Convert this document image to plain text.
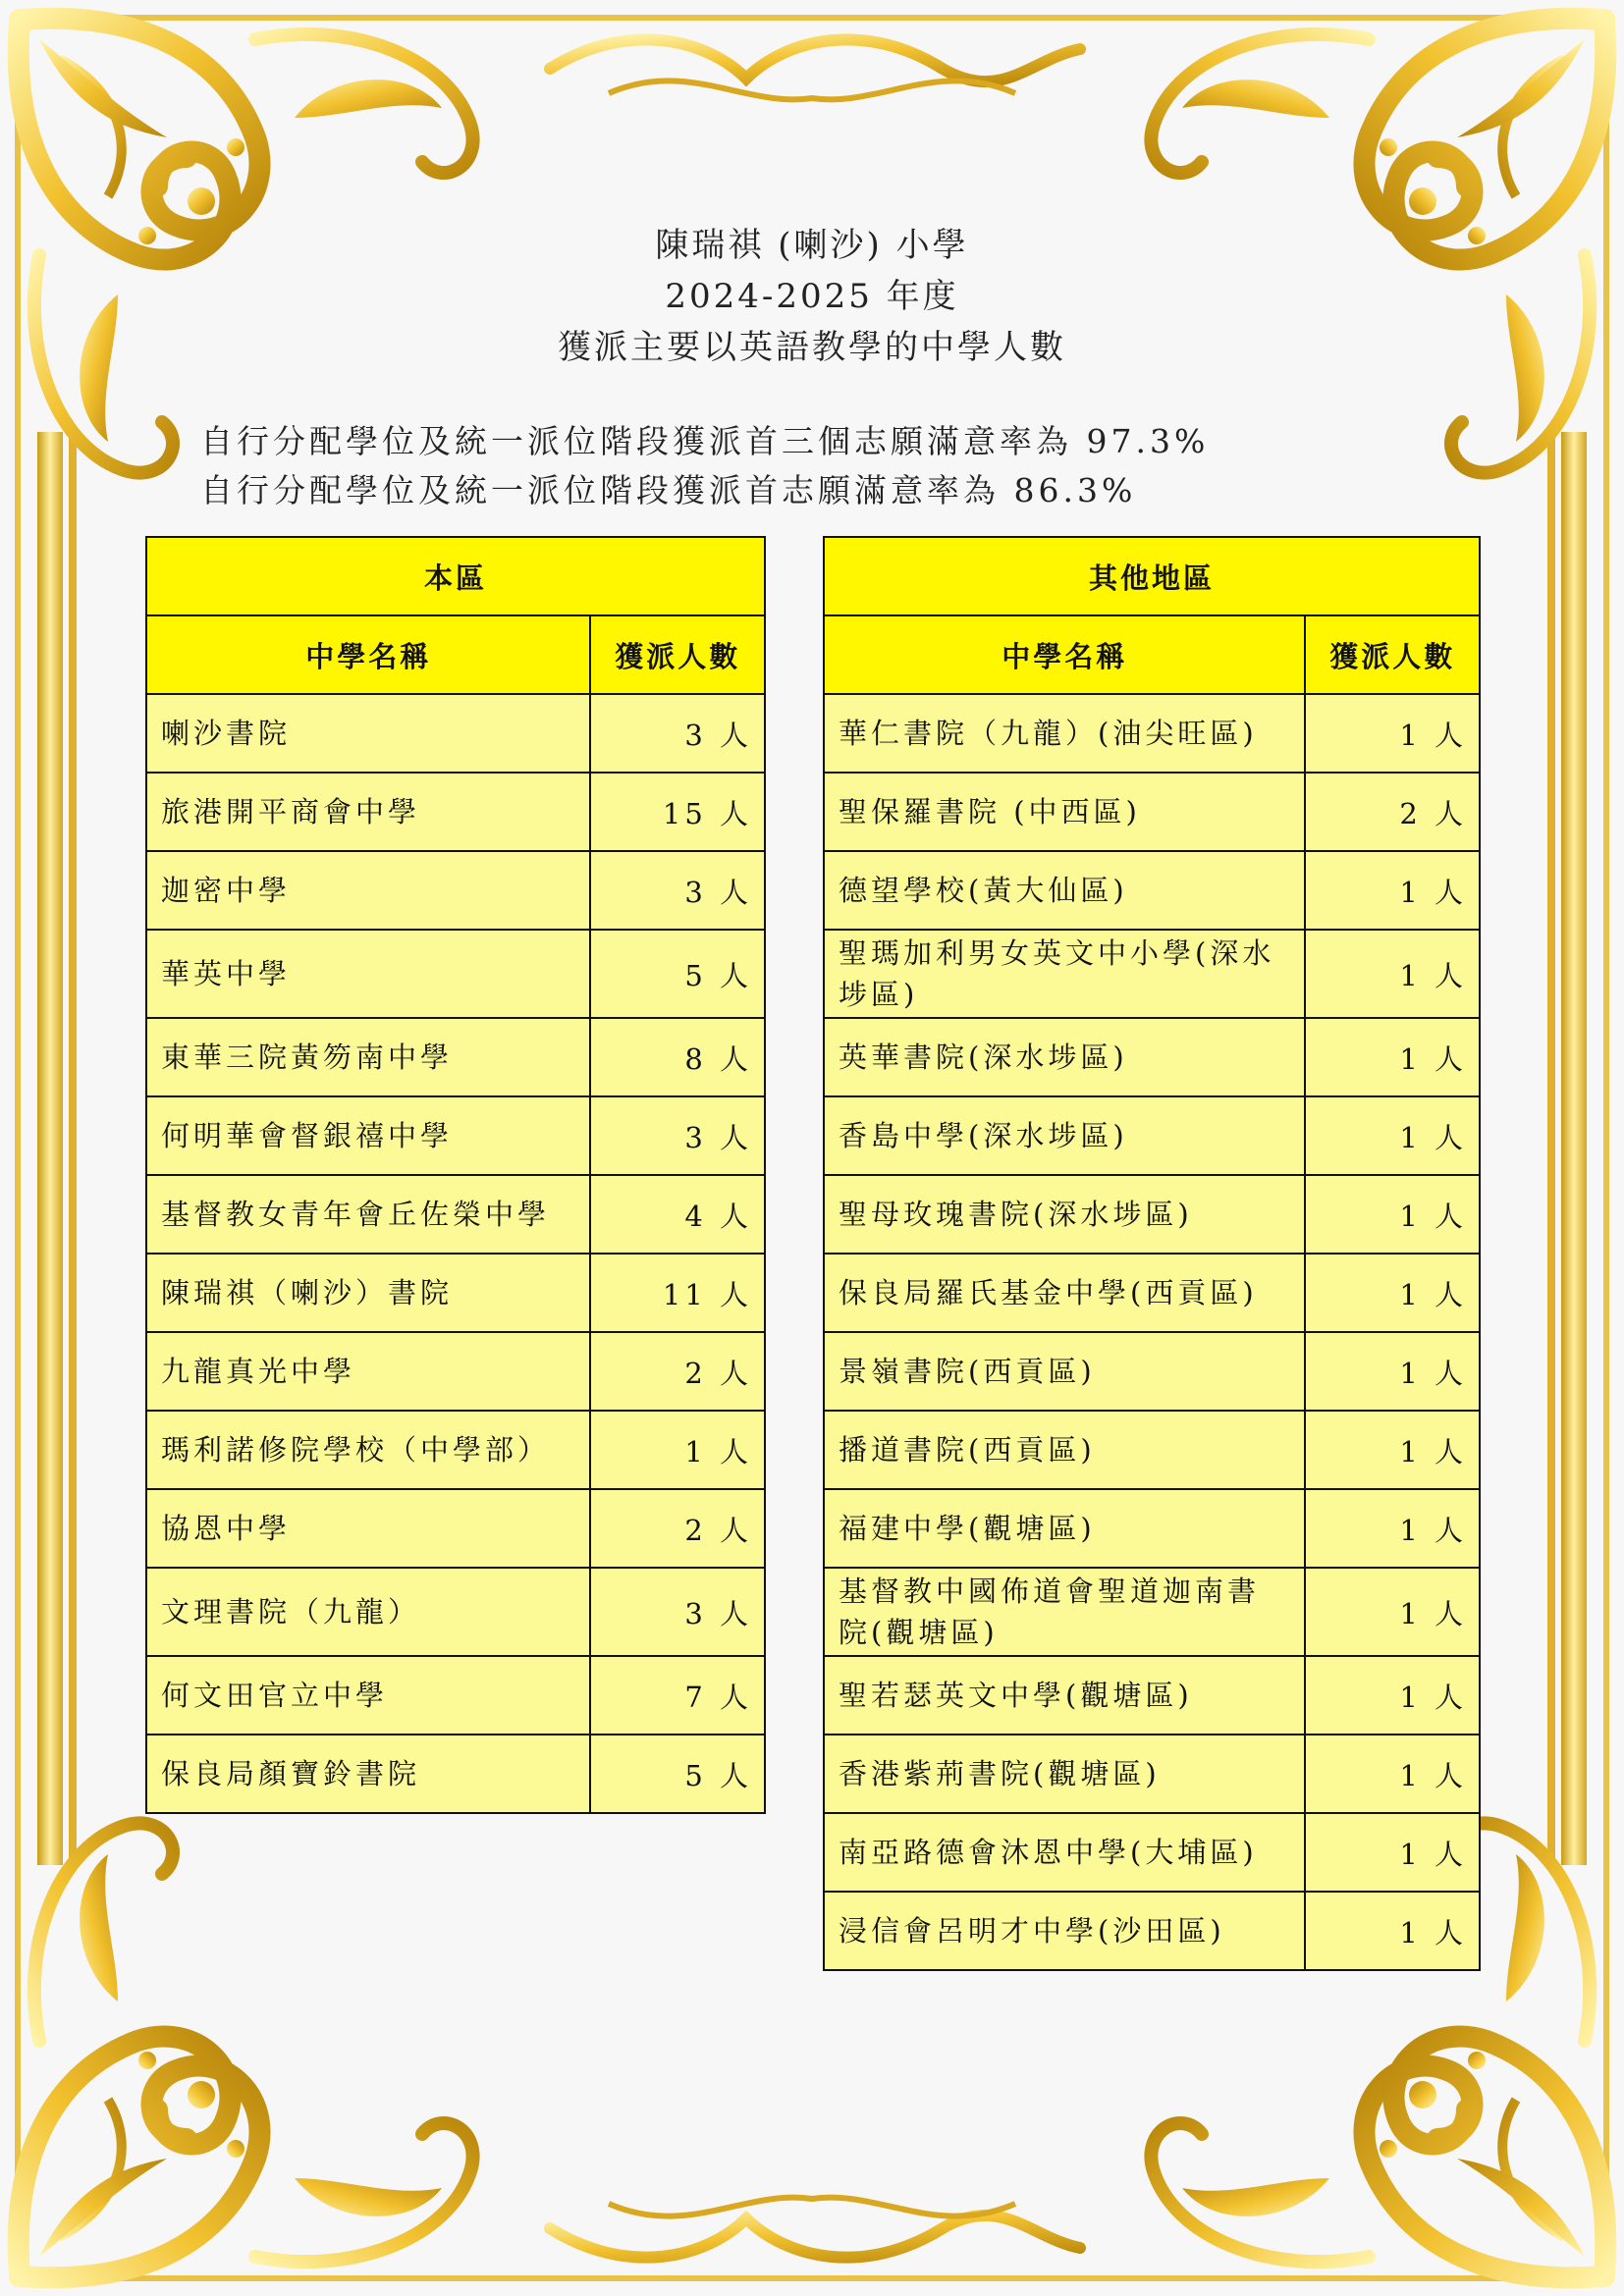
陳瑞祺 (喇沙) 小學
2024-2025 年度
獲派主要以英語教學的中學人數
自行分配學位及統一派位階段獲派首三個志願滿意率為 97.3%
自行分配學位及統一派位階段獲派首志願滿意率為 86.3%
本區	
中學名稱	獲派人數
喇沙書院	3 人
旅港開平商會中學	15 人
迦密中學	3 人
華英中學	5 人
東華三院黃笏南中學	8 人
何明華會督銀禧中學	3 人
基督教女青年會丘佐榮中學	4 人
陳瑞祺（喇沙）書院	11 人
九龍真光中學	2 人
瑪利諾修院學校（中學部）	1 人
協恩中學	2 人
文理書院（九龍）	3 人
何文田官立中學	7 人
保良局顏寶鈴書院	5 人
其他地區	
中學名稱	獲派人數
華仁書院（九龍）(油尖旺區)	1 人
聖保羅書院 (中西區)	2 人
德望學校(黃大仙區)	1 人
聖瑪加利男女英文中小學(深水埗區)	1 人
英華書院(深水埗區)	1 人
香島中學(深水埗區)	1 人
聖母玫瑰書院(深水埗區)	1 人
保良局羅氏基金中學(西貢區)	1 人
景嶺書院(西貢區)	1 人
播道書院(西貢區)	1 人
福建中學(觀塘區)	1 人
基督教中國佈道會聖道迦南書院(觀塘區)	1 人
聖若瑟英文中學(觀塘區)	1 人
香港紫荊書院(觀塘區)	1 人
南亞路德會沐恩中學(大埔區)	1 人
浸信會呂明才中學(沙田區)	1 人
